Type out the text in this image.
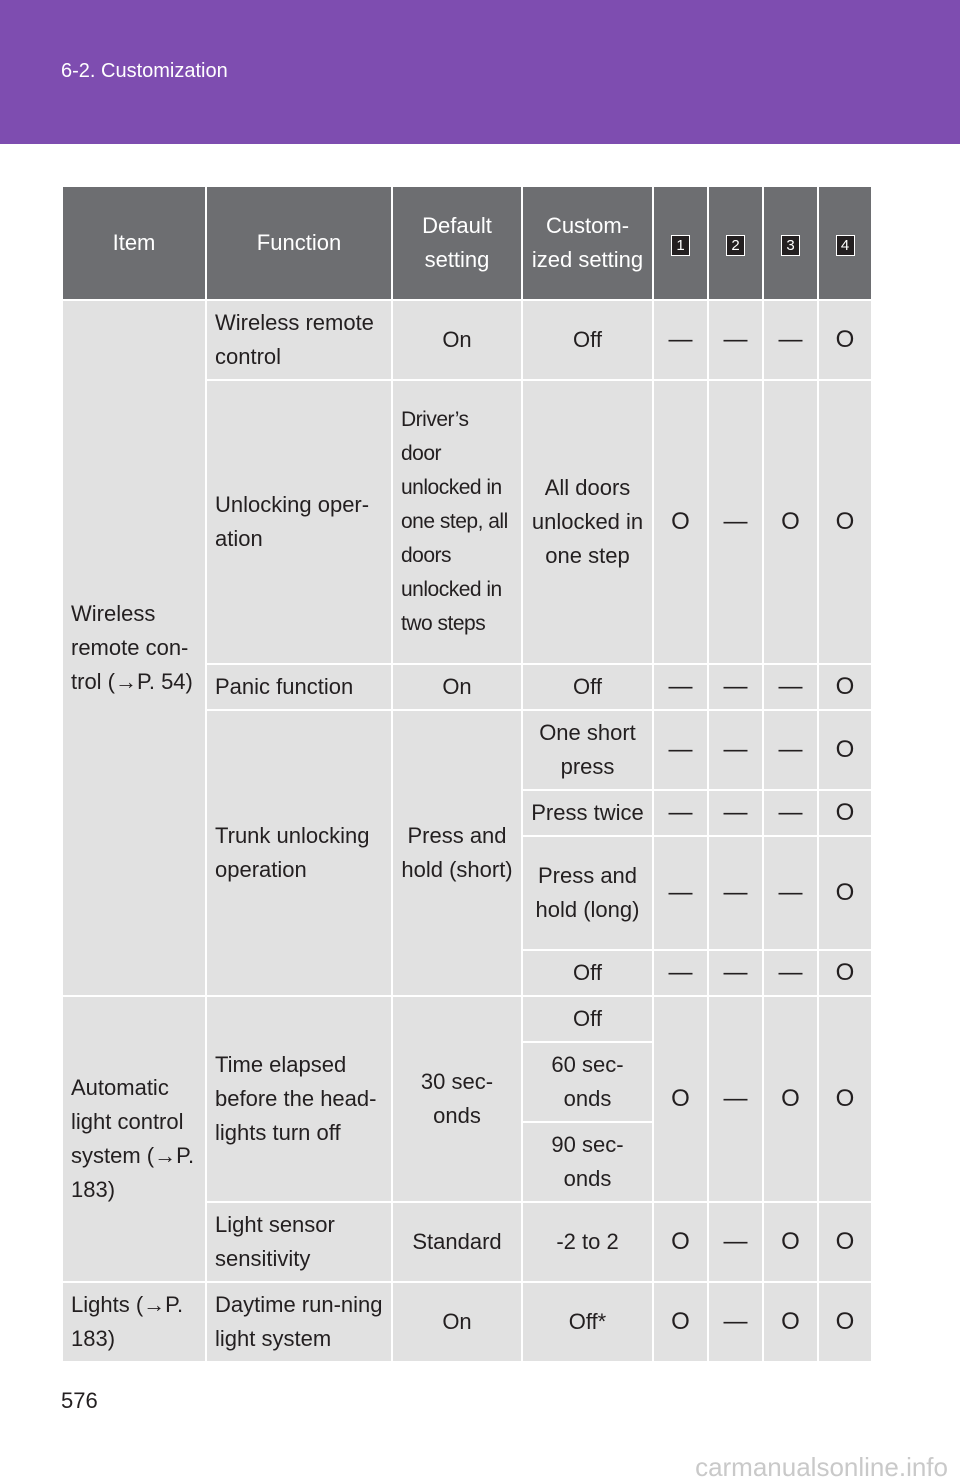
6-2. Customization
Item	Function	Default setting	Custom-ized setting	1	2	3	4
Wireless remote con-trol (→P. 54)	Wireless remote control	On	Off	—	—	—	O
	Unlocking oper-ation	Driver’s door unlocked in one step, all doors unlocked in two steps	All doors unlocked in one step	O	—	O	O
	Panic function	On	Off	—	—	—	O
	Trunk unlocking operation	Press and hold (short)	One short press	—	—	—	O
			Press twice	—	—	—	O
			Press and hold (long)	—	—	—	O
			Off	—	—	—	O
Automatic light control system (→P. 183)	Time elapsed before the head-lights turn off	30 sec-onds	Off	O	—	O	O
			60 sec-onds				
			90 sec-onds				
	Light sensor sensitivity	Standard	-2 to 2	O	—	O	O
Lights (→P. 183)	Daytime run-ning light system	On	Off*	O	—	O	O
576
carmanualsonline.info
